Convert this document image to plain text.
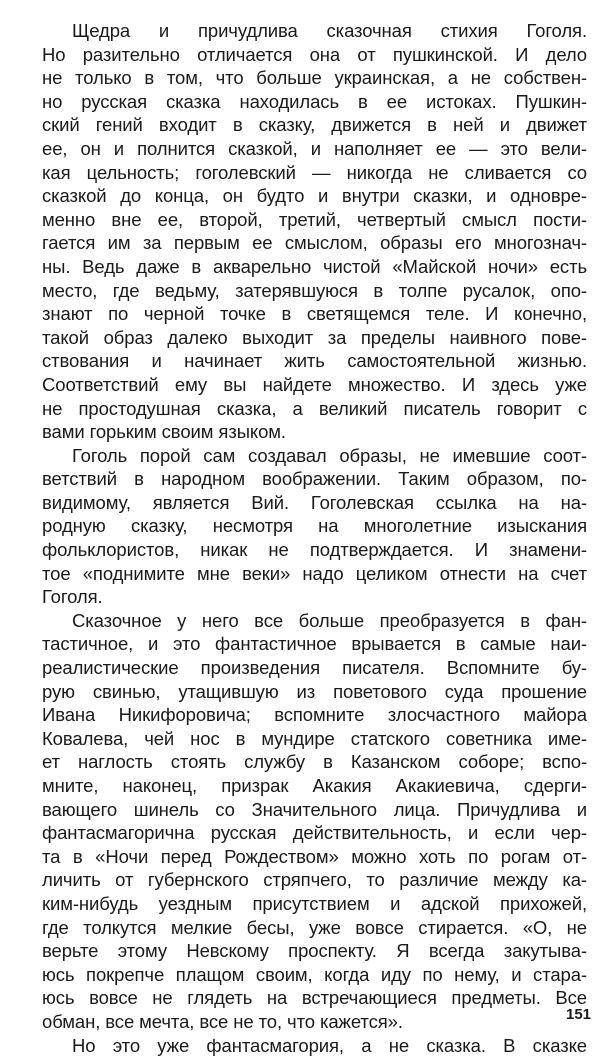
Щедра и причудлива сказочная стихия Гоголя.
Но разительно отличается она от пушкинской. И дело
не только в том, что больше украинская, а не собствен-
но русская сказка находилась в ее истоках. Пушкин-
ский гений входит в сказку, движется в ней и движет
ее, он и полнится сказкой, и наполняет ее — это вели-
кая цельность; гоголевский — никогда не сливается со
сказкой до конца, он будто и внутри сказки, и одновре-
менно вне ее, второй, третий, четвертый смысл пости-
гается им за первым ее смыслом, образы его многознач-
ны. Ведь даже в акварельно чистой «Майской ночи» есть
место, где ведьму, затерявшуюся в толпе русалок, опо-
знают по черной точке в светящемся теле. И конечно,
такой образ далеко выходит за пределы наивного пове-
ствования и начинает жить самостоятельной жизнью.
Соответствий ему вы найдете множество. И здесь уже
не простодушная сказка, а великий писатель говорит с
вами горьким своим языком.
Гоголь порой сам создавал образы, не имевшие соот-
ветствий в народном воображении. Таким образом, по-
видимому, является Вий. Гоголевская ссылка на на-
родную сказку, несмотря на многолетние изыскания
фольклористов, никак не подтверждается. И знамени-
тое «поднимите мне веки» надо целиком отнести на счет
Гоголя.
Сказочное у него все больше преобразуется в фан-
тастичное, и это фантастичное врывается в самые наи-
реалистические произведения писателя. Вспомните бу-
рую свинью, утащившую из поветового суда прошение
Ивана Никифоровича; вспомните злосчастного майора
Ковалева, чей нос в мундире статского советника име-
ет наглость стоять службу в Казанском соборе; вспо-
мните, наконец, призрак Акакия Акакиевича, сдерги-
вающего шинель со Значительного лица. Причудлива и
фантасмагорична русская действительность, и если чер-
та в «Ночи перед Рождеством» можно хоть по рогам от-
личить от губернского стряпчего, то различие между ка-
ким-нибудь уездным присутствием и адской прихожей,
где толкутся мелкие бесы, уже вовсе стирается. «О, не
верьте этому Невскому проспекту. Я всегда закутыва-
юсь покрепче плащом своим, когда иду по нему, и стара-
юсь вовсе не глядеть на встречающиеся предметы. Все
обман, все мечта, все не то, что кажется».
Но это уже фантасмагория, а не сказка. В сказке
151
